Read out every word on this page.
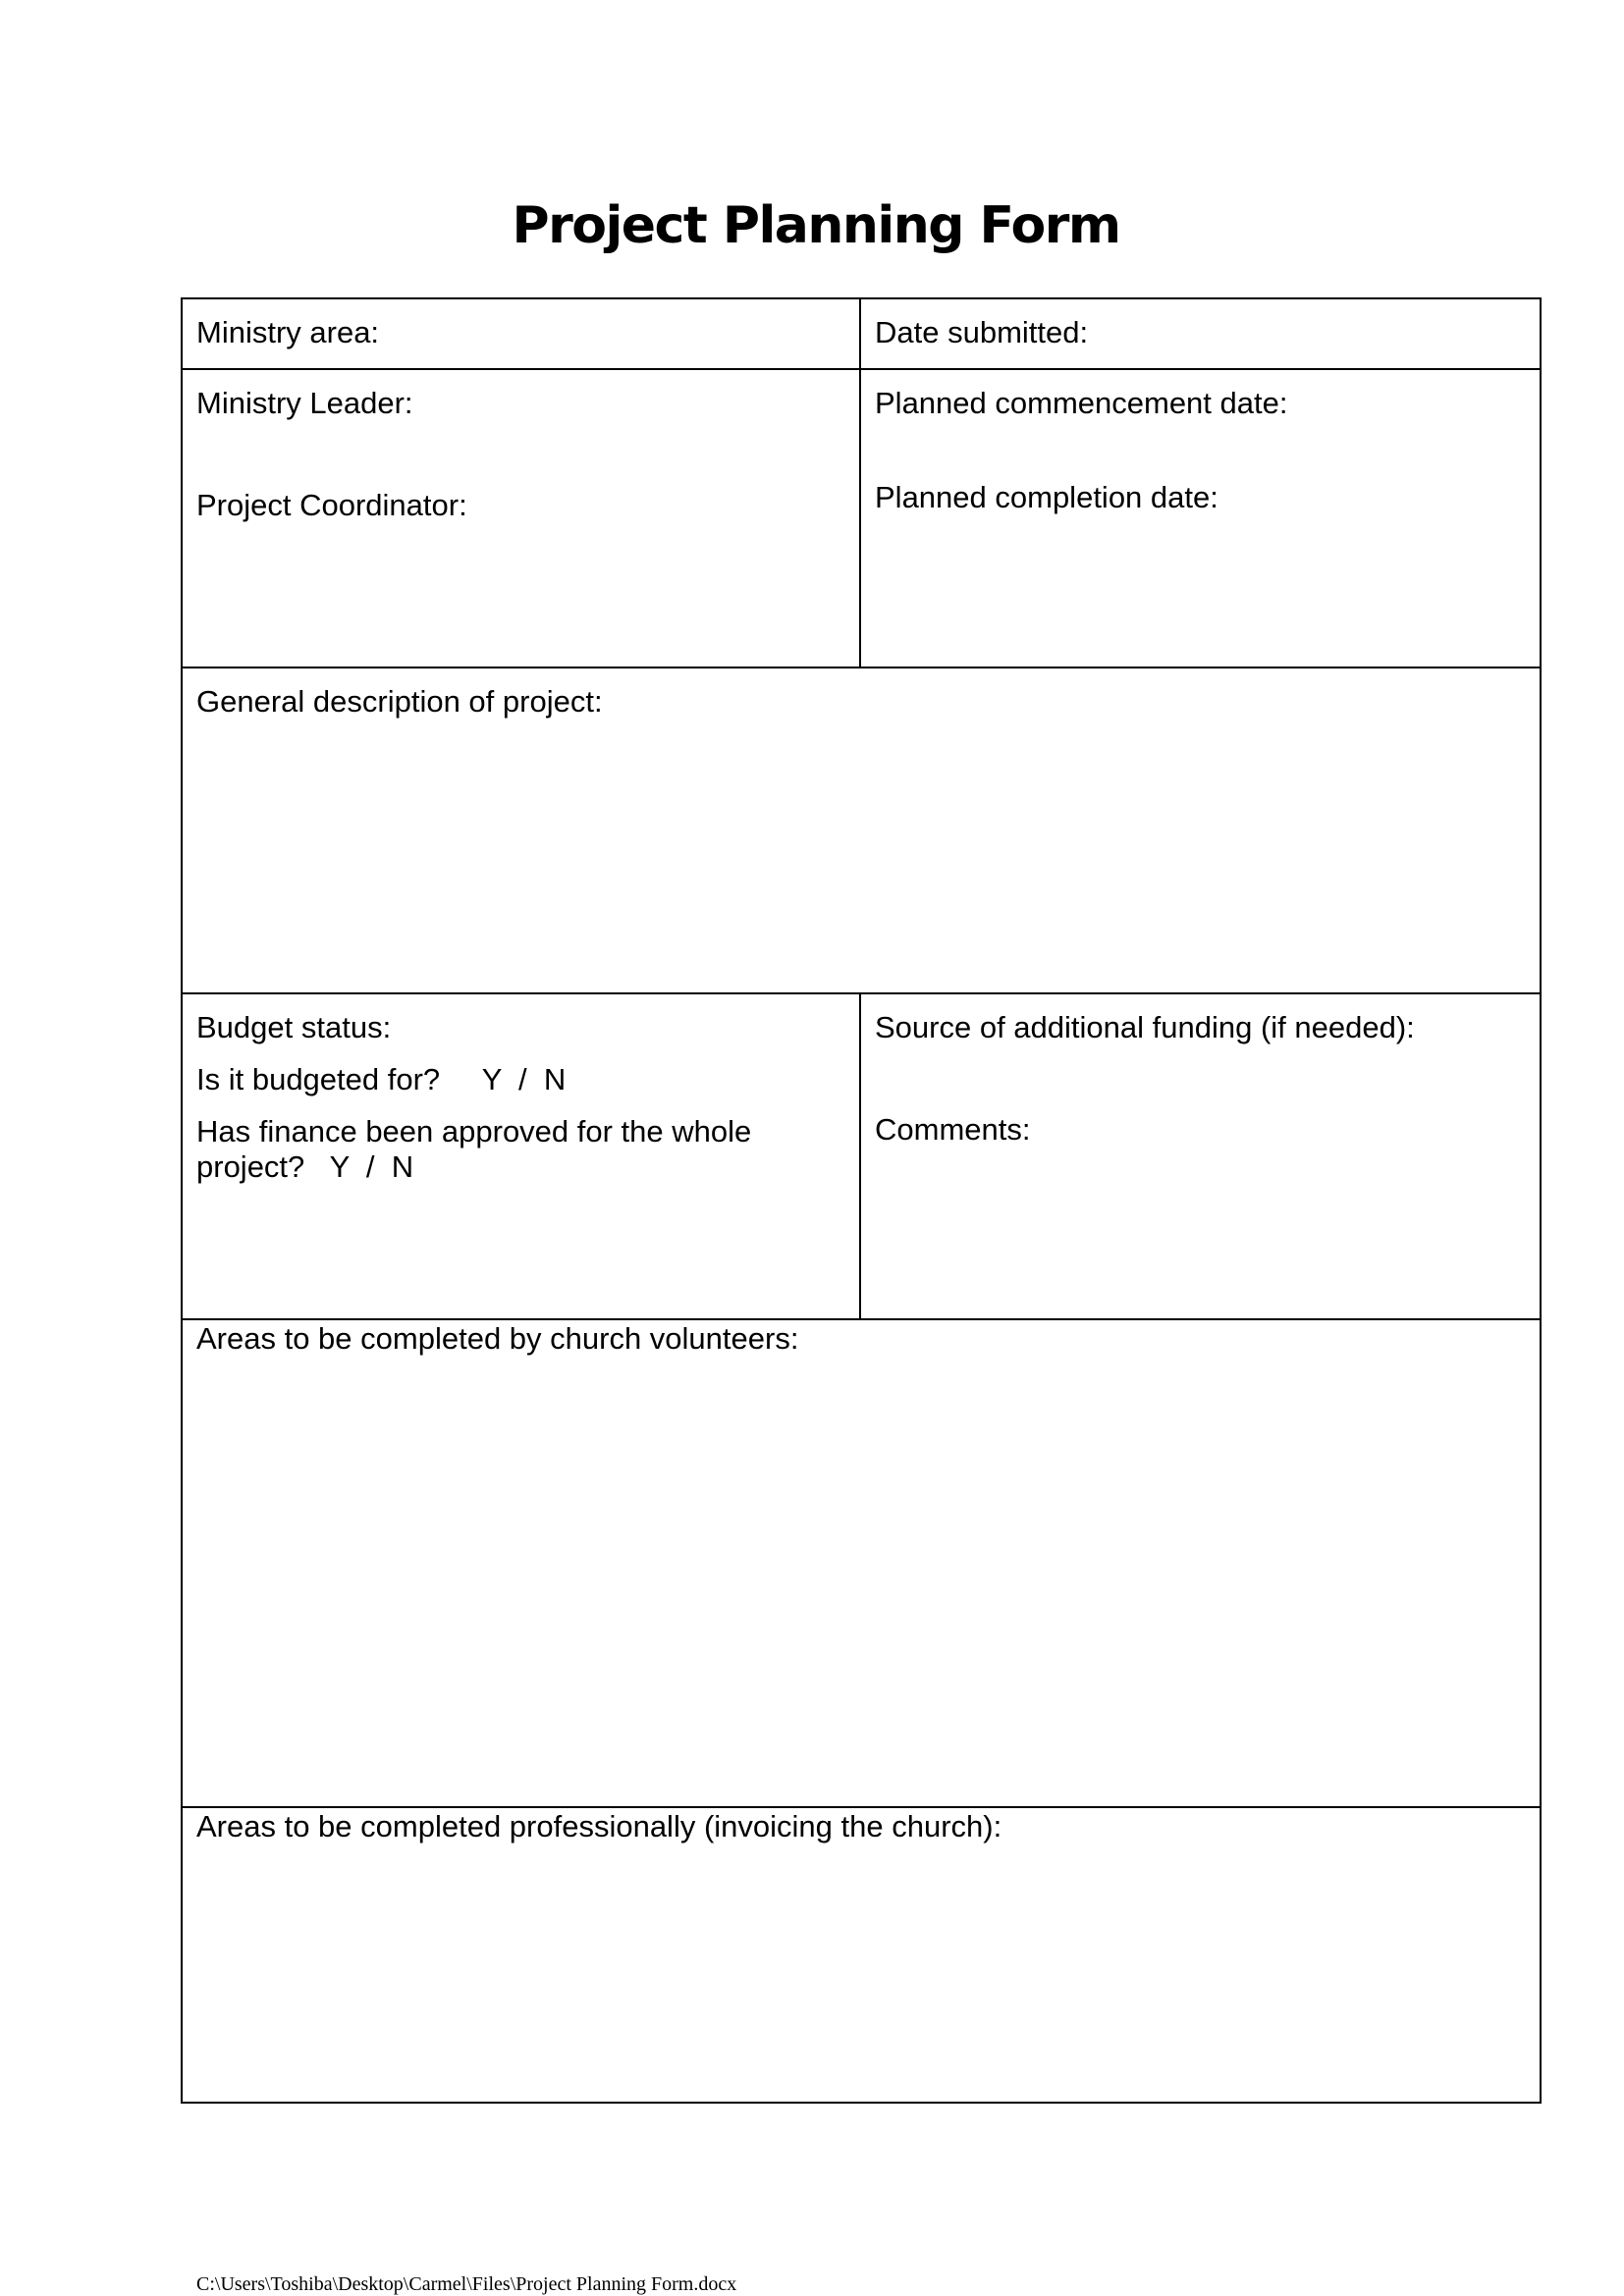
Project Planning Form
Ministry area:	Date submitted:
Ministry Leader:
Project Coordinator:
Planned commencement date:
Planned completion date:
General description of project:
Budget status:
Is it budgeted for? Y  /  N
Has finance been approved for the whole project? Y  /  N
Source of additional funding (if needed):
Comments:
Areas to be completed by church volunteers:
Areas to be completed professionally (invoicing the church):
C:\Users\Toshiba\Desktop\Carmel\Files\Project Planning Form.docx
